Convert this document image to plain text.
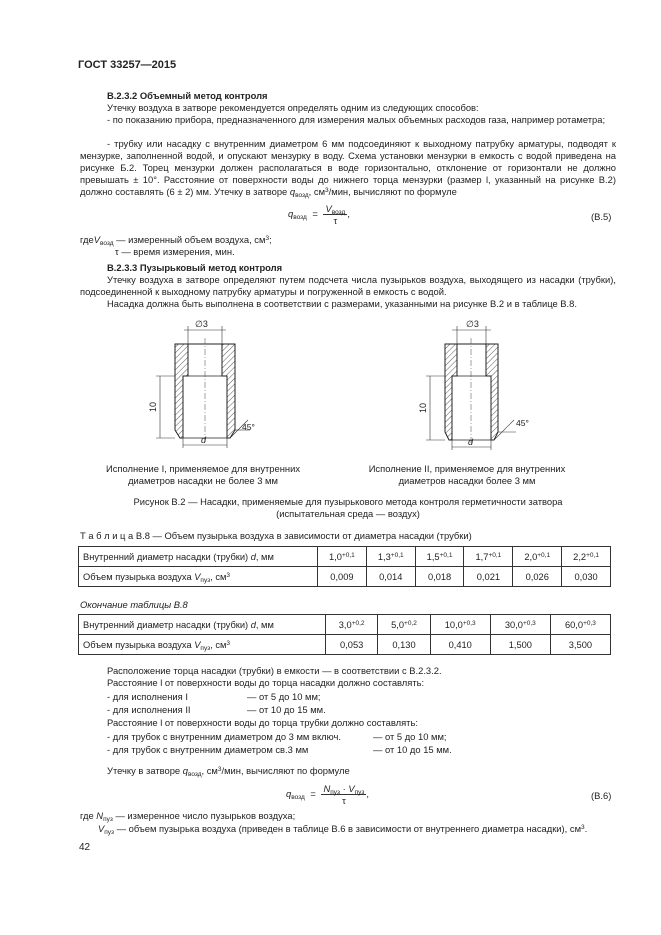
ГОСТ 33257—2015
В.2.3.2 Объемный метод контроля
Утечку воздуха в затворе рекомендуется определять одним из следующих способов:
- по показанию прибора, предназначенного для измерения малых объемных расходов газа, например ротаметра;
- трубку или насадку с внутренним диаметром 6 мм подсоединяют к выходному патрубку арматуры, подводят к мензурке, заполненной водой, и опускают мензурку в воду. Схема установки мензурки в емкость с водой приведена на рисунке Б.2. Торец мензурки должен располагаться в воде горизонтально, отклонение от горизонтали не должно превышать ± 10°. Расстояние от поверхности воды до нижнего торца мензурки (размер l, указанный на рисунке В.2) должно составлять (6 ± 2) мм. Утечку в затворе $q_{возд}$, $см^3$/мин, вычисляют по формуле
$q_{возд} = \frac{V_{возд}}{\tau}$ ,	(В.5)
гдеV$_{возд}$ — измеренный объем воздуха, $см^3$;
τ — время измерения, мин.
В.2.3.3 Пузырьковый метод контроля
Утечку воздуха в затворе определяют путем подсчета числа пузырьков воздуха, выходящего из насадки (трубки), подсоединенной к выходному патрубку арматуры и погруженной в емкость с водой.
Насадка должна быть выполнена в соответствии с размерами, указанными на рисунке В.2 и в таблице В.8.
∅3
10
d
45°
∅3
10
d
45°
Исполнение I, применяемое для внутренних
диаметров насадки не более 3 мм
Исполнение II, применяемое для внутренних
диаметров насадки более 3 мм
Рисунок В.2 — Насадки, применяемые для пузырькового метода контроля герметичности затвора
(испытательная среда — воздух)
Т а б л и ц а В.8 — Объем пузырька воздуха в зависимости от диаметра насадки (трубки)
Внутренний диаметр насадки (трубки) d, мм	$1,0^{+0,1}$	$1,3^{+0,1}$	$1,5^{+0,1}$	$1,7^{+0,1}$	$2,0^{+0,1}$	$2,2^{+0,1}$
Объем пузырька воздуха $V_{пуз}$, $см^3$	0,009	0,014	0,018	0,021	0,026	0,030
Окончание таблицы В.8
Внутренний диаметр насадки (трубки) d, мм	$3,0^{+0,2}$	$5,0^{+0,2}$	$10,0^{+0,3}$	$30,0^{+0,3}$	$60,0^{+0,3}$
Объем пузырька воздуха $V_{пуз}$, $см^3$	0,053	0,130	0,410	1,500	3,500
Расположение торца насадки (трубки) в емкости — в соответствии с В.2.3.2.
Расстояние l от поверхности воды до торца насадки должно составлять:
- для исполнения I	— от 5 до 10 мм;
- для исполнения II	— от 10 до 15 мм.
Расстояние l от поверхности воды до торца трубки должно составлять:
- для трубок с внутренним диаметром до 3 мм включ.	— от 5 до 10 мм;
- для трубок с внутренним диаметром св.3 мм	— от 10 до 15 мм.
Утечку в затворе $q_{возд}$, $см^3$/мин, вычисляют по формуле
$q_{возд} = \frac{N_{пуз} \cdot V_{пуз}}{\tau}$ ,	(В.6)
где $N_{пуз}$ — измеренное число пузырьков воздуха;
$V_{пуз}$ — объем пузырька воздуха (приведен в таблице В.6 в зависимости от внутреннего диаметра насадки), $см^3$.
42
